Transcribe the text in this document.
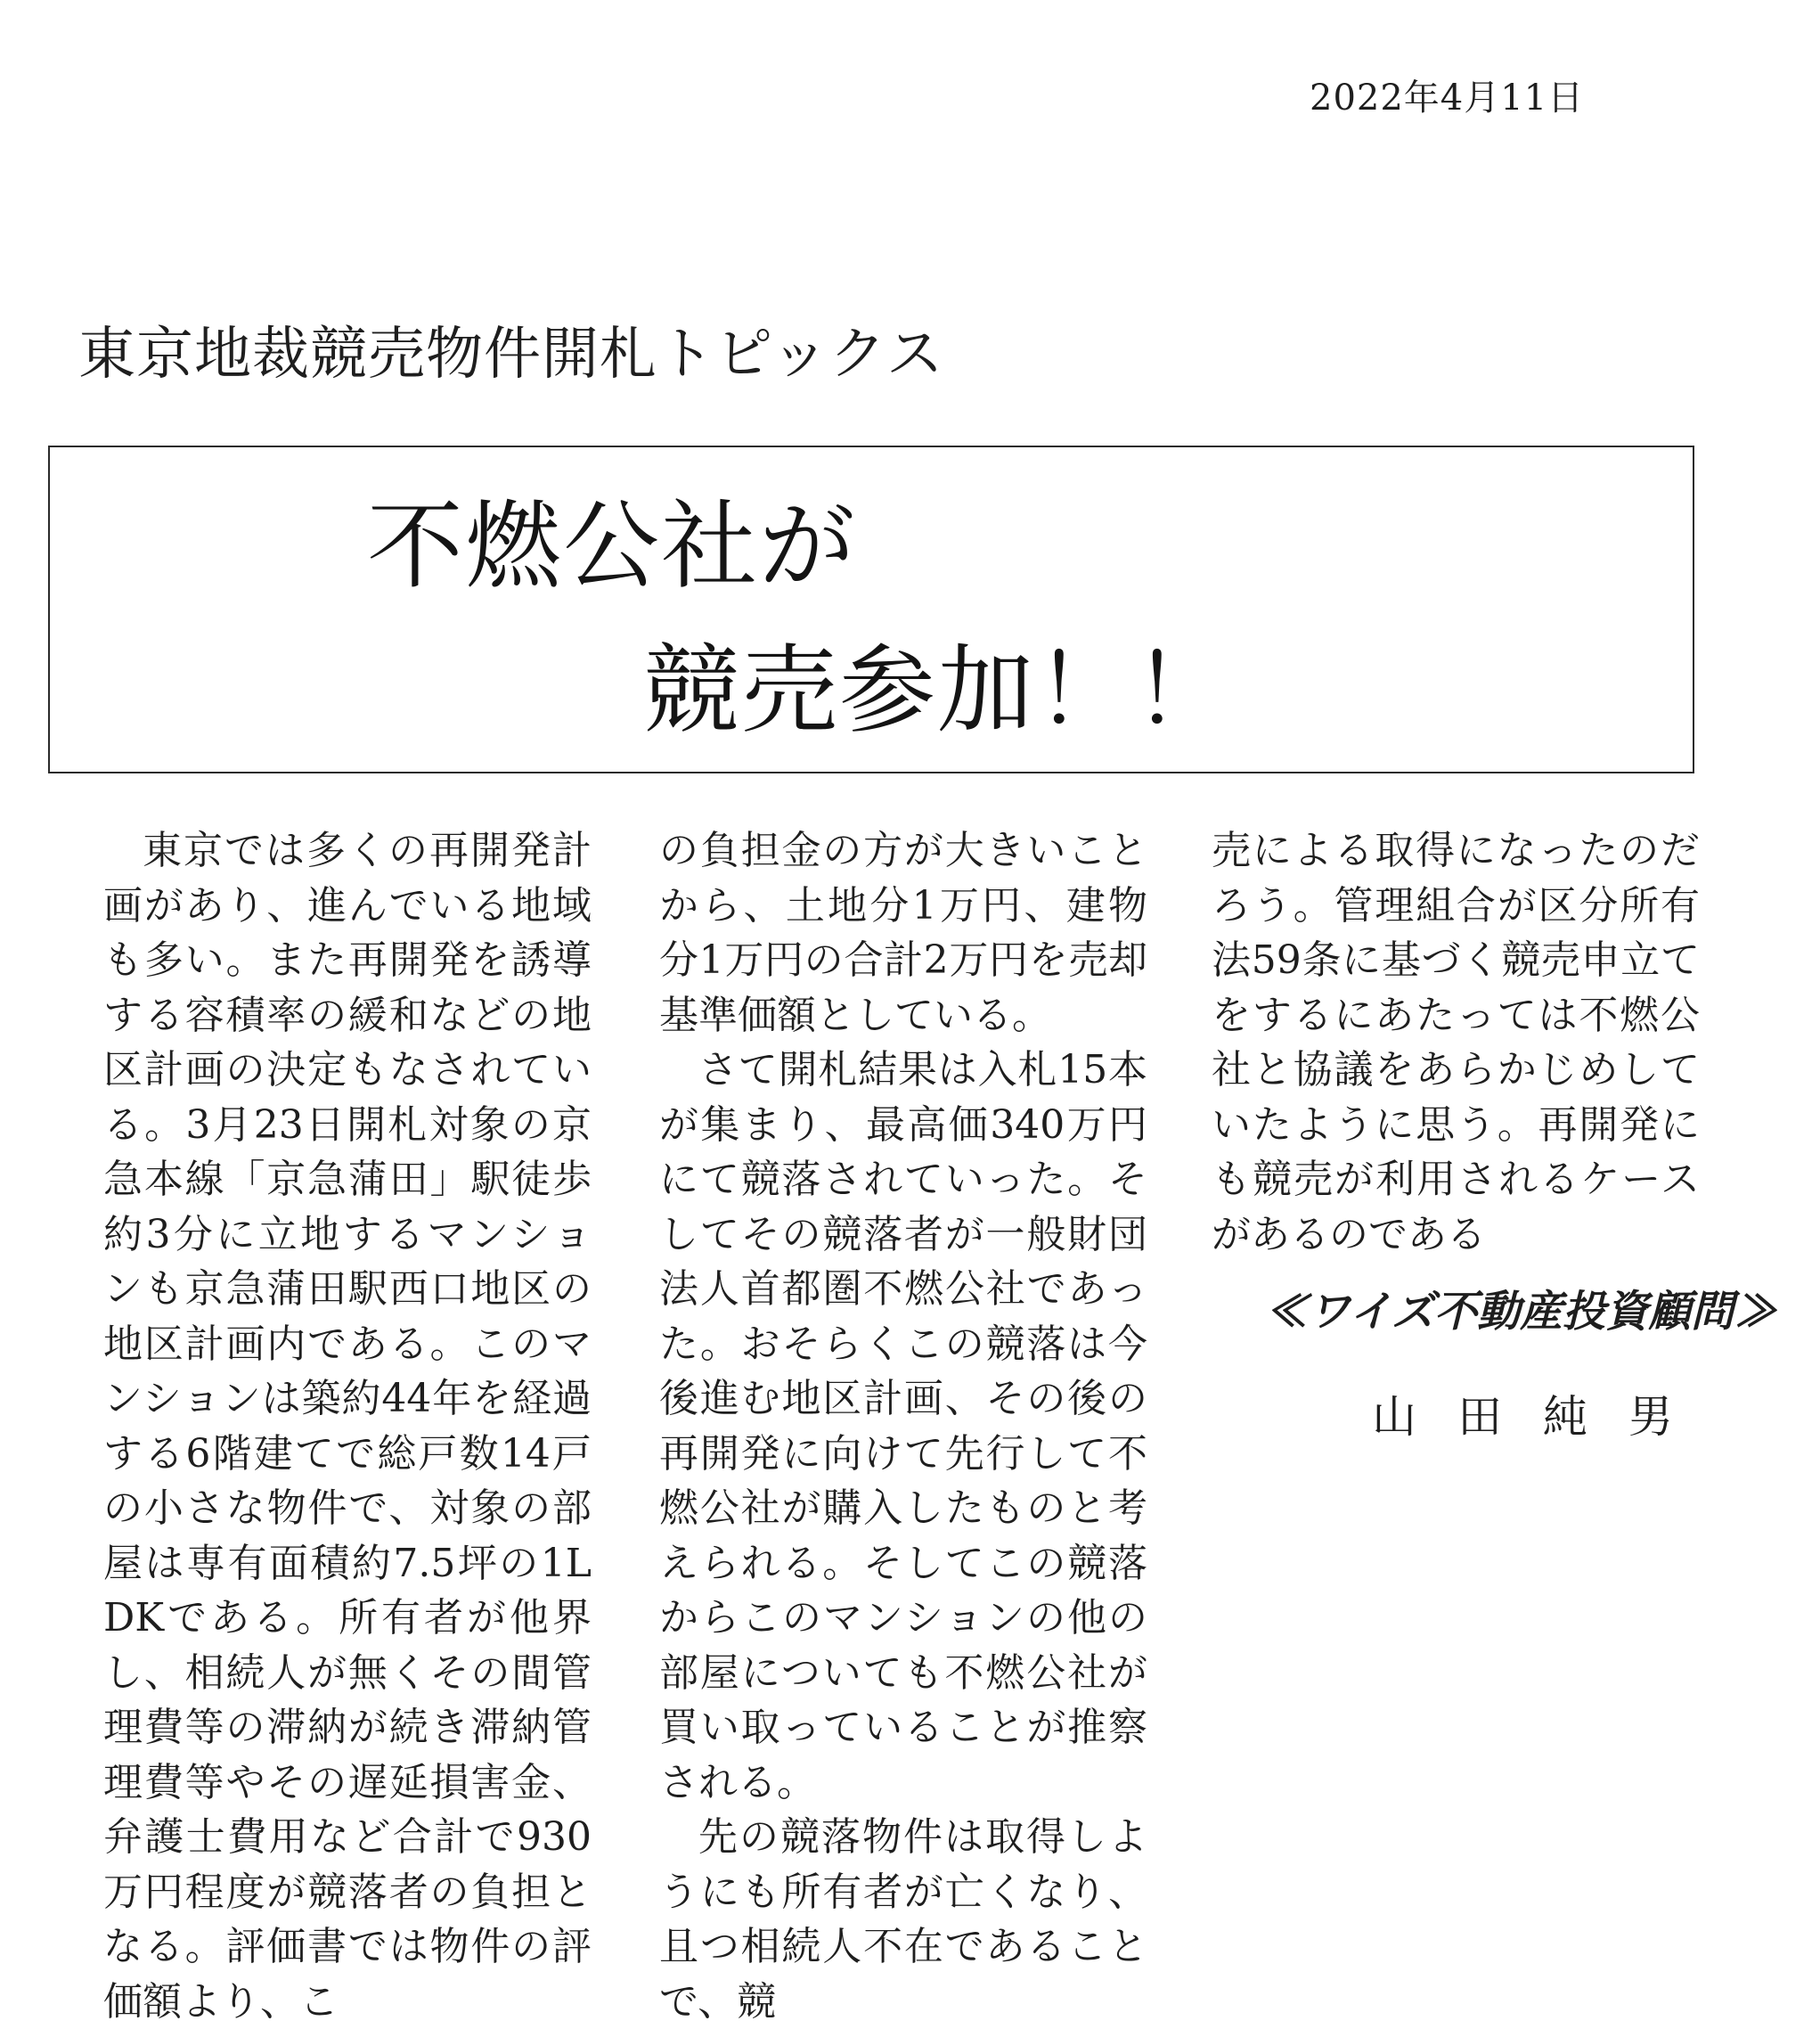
2022年4月11日
東京地裁競売物件開札トピックス
不燃公社が
競売参加！！

東京では多くの再開発計画があり、進んでいる地域も多い。また再開発を誘導する容積率の緩和などの地区計画の決定もなされている。3月23日開札対象の京急本線「京急蒲田」駅徒歩約3分に立地するマンションも京急蒲田駅西口地区の地区計画内である。このマンションは築約44年を経過する6階建てで総戸数14戸の小さな物件で、対象の部屋は専有面積約7.5坪の1LDKである。所有者が他界し、相続人が無くその間管理費等の滞納が続き滞納管理費等やその遅延損害金、弁護士費用など合計で930万円程度が競落者の負担となる。評価書では物件の評価額より、こ

の負担金の方が大きいことから、土地分1万円、建物分1万円の合計2万円を売却基準価額としている。

さて開札結果は入札15本が集まり、最高価340万円にて競落されていった。そしてその競落者が一般財団法人首都圏不燃公社であった。おそらくこの競落は今後進む地区計画、その後の再開発に向けて先行して不燃公社が購入したものと考えられる。そしてこの競落からこのマンションの他の部屋についても不燃公社が買い取っていることが推察される。

先の競落物件は取得しようにも所有者が亡くなり、且つ相続人不在であることで、競

売による取得になったのだろう。管理組合が区分所有法59条に基づく競売申立てをするにあたっては不燃公社と協議をあらかじめしていたように思う。再開発にも競売が利用されるケースがあるのである

≪ワイズ不動産投資顧問≫
山田純男
